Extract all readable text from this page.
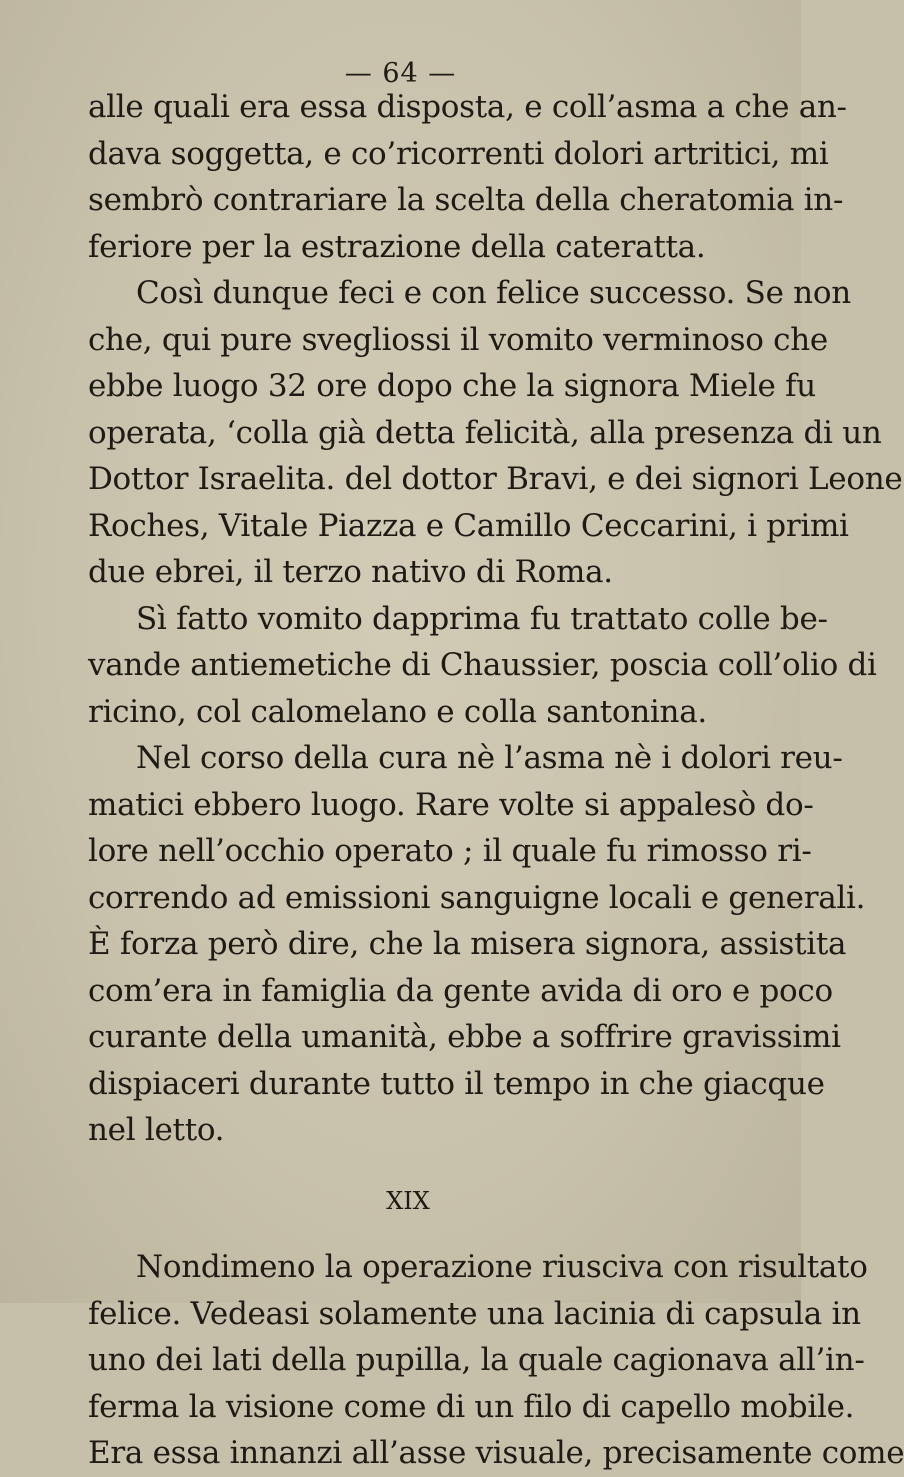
— 64 —
alle quali era essa disposta, e coll’asma a che an-
dava soggetta, e co’ricorrenti dolori artritici, mi
sembrò contrariare la scelta della cheratomia in-
feriore per la estrazione della cateratta.
Così dunque feci e con felice successo. Se non
che, qui pure svegliossi il vomito verminoso che
ebbe luogo 32 ore dopo che la signora Miele fu
operata, ‘colla già detta felicità, alla presenza di un
Dottor Israelita. del dottor Bravi, e dei signori Leone
Roches, Vitale Piazza e Camillo Ceccarini, i primi
due ebrei, il terzo nativo di Roma.
Sì fatto vomito dapprima fu trattato colle be-
vande antiemetiche di Chaussier, poscia coll’olio di
ricino, col calomelano e colla santonina.
Nel corso della cura nè l’asma nè i dolori reu-
matici ebbero luogo. Rare volte si appalesò do-
lore nell’occhio operato ; il quale fu rimosso ri-
correndo ad emissioni sanguigne locali e generali.
È forza però dire, che la misera signora, assistita
com’era in famiglia da gente avida di oro e poco
curante della umanità, ebbe a soffrire gravissimi
dispiaceri durante tutto il tempo in che giacque
nel letto.
XIX
Nondimeno la operazione riusciva con risultato
felice. Vedeasi solamente una lacinia di capsula in
uno dei lati della pupilla, la quale cagionava all’in-
ferma la visione come di un filo di capello mobile.
Era essa innanzi all’asse visuale, precisamente come
